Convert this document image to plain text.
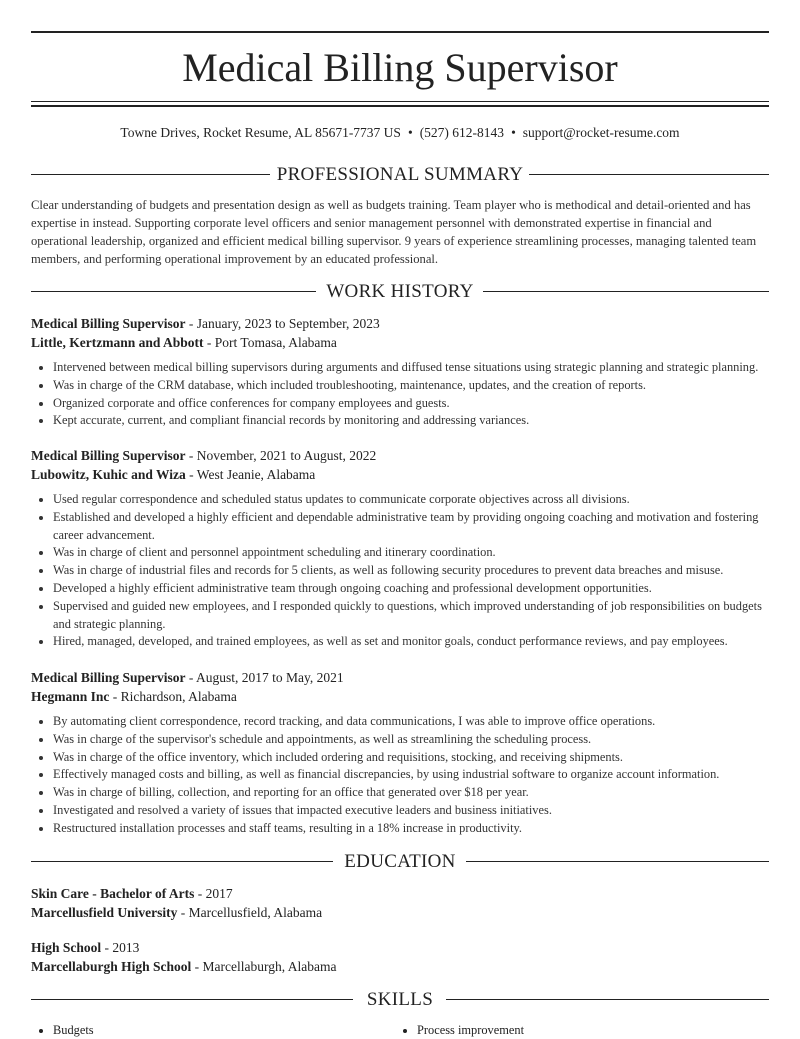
Medical Billing Supervisor
Towne Drives, Rocket Resume, AL 85671-7737 US • (527) 612-8143 • support@rocket-resume.com
PROFESSIONAL SUMMARY
Clear understanding of budgets and presentation design as well as budgets training. Team player who is methodical and detail-oriented and has expertise in instead. Supporting corporate level officers and senior management personnel with demonstrated expertise in financial and operational leadership, organized and efficient medical billing supervisor. 9 years of experience streamlining processes, managing talented team members, and performing operational improvement by an educated professional.
WORK HISTORY
Medical Billing Supervisor - January, 2023 to September, 2023
Little, Kertzmann and Abbott - Port Tomasa, Alabama
• Intervened between medical billing supervisors during arguments and diffused tense situations using strategic planning and strategic planning.
• Was in charge of the CRM database, which included troubleshooting, maintenance, updates, and the creation of reports.
• Organized corporate and office conferences for company employees and guests.
• Kept accurate, current, and compliant financial records by monitoring and addressing variances.
Medical Billing Supervisor - November, 2021 to August, 2022
Lubowitz, Kuhic and Wiza - West Jeanie, Alabama
• Used regular correspondence and scheduled status updates to communicate corporate objectives across all divisions.
• Established and developed a highly efficient and dependable administrative team by providing ongoing coaching and motivation and fostering career advancement.
• Was in charge of client and personnel appointment scheduling and itinerary coordination.
• Was in charge of industrial files and records for 5 clients, as well as following security procedures to prevent data breaches and misuse.
• Developed a highly efficient administrative team through ongoing coaching and professional development opportunities.
• Supervised and guided new employees, and I responded quickly to questions, which improved understanding of job responsibilities on budgets and strategic planning.
• Hired, managed, developed, and trained employees, as well as set and monitor goals, conduct performance reviews, and pay employees.
Medical Billing Supervisor - August, 2017 to May, 2021
Hegmann Inc - Richardson, Alabama
• By automating client correspondence, record tracking, and data communications, I was able to improve office operations.
• Was in charge of the supervisor's schedule and appointments, as well as streamlining the scheduling process.
• Was in charge of the office inventory, which included ordering and requisitions, stocking, and receiving shipments.
• Effectively managed costs and billing, as well as financial discrepancies, by using industrial software to organize account information.
• Was in charge of billing, collection, and reporting for an office that generated over $18 per year.
• Investigated and resolved a variety of issues that impacted executive leaders and business initiatives.
• Restructured installation processes and staff teams, resulting in a 18% increase in productivity.
EDUCATION
Skin Care - Bachelor of Arts - 2017
Marcellusfield University - Marcellusfield, Alabama
High School - 2013
Marcellaburgh High School - Marcellaburgh, Alabama
SKILLS
• Budgets
•	Process improvement
